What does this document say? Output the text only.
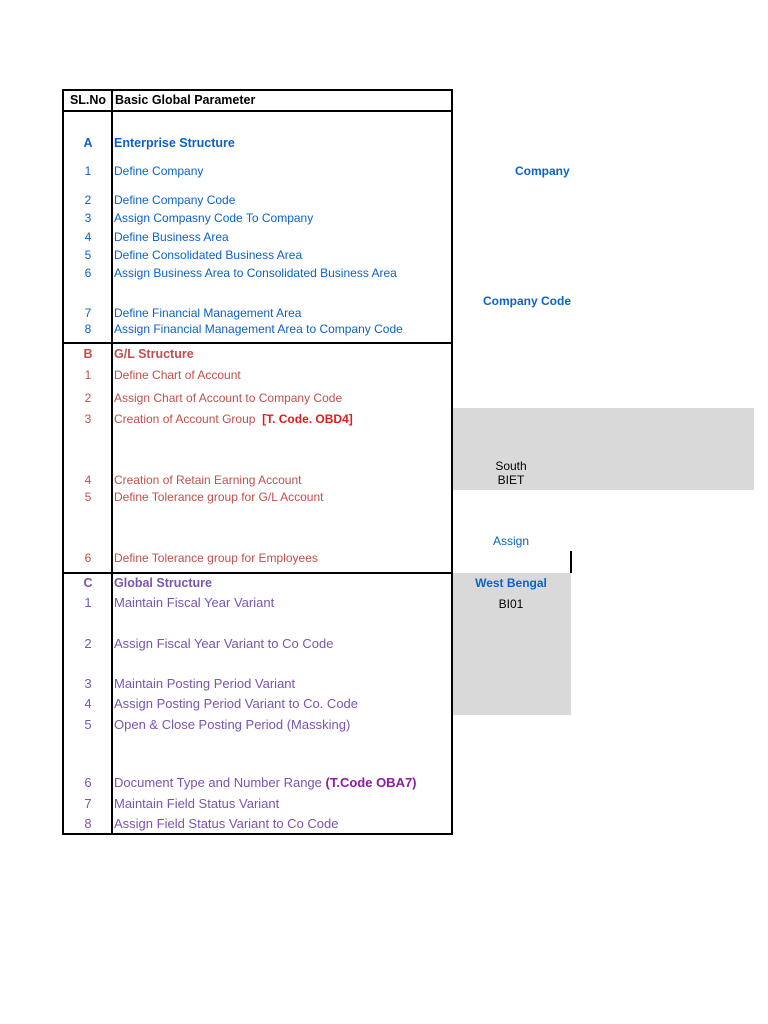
SL.No Basic Global Parameter
A	Enterprise Structure
1	Define Company
2	Define Company Code
3	Assign Compasny Code To Company
4	Define Business Area
5	Define Consolidated Business Area
6	Assign Business Area to Consolidated Business Area
7	Define Financial Management Area
8	Assign Financial Management Area to Company Code
B	G/L Structure
1	Define Chart of Account
2	Assign Chart of Account to Company Code
3	Creation of Account Group [T. Code. OBD4]
4	Creation of Retain Earning Account
5	Define Tolerance group for G/L Account
6	Define Tolerance group for Employees
C	Global Structure
1	Maintain Fiscal Year Variant
2	Assign Fiscal Year Variant to Co Code
3	Maintain Posting Period Variant
4	Assign Posting Period Variant to Co. Code
5	Open & Close Posting Period (Massking)
6	Document Type and Number Range (T.Code OBA7)
7	Maintain Field Status Variant
8	Assign Field Status Variant to Co Code
Company
Company Code
South
BIET
Assign
West Bengal
BI01
